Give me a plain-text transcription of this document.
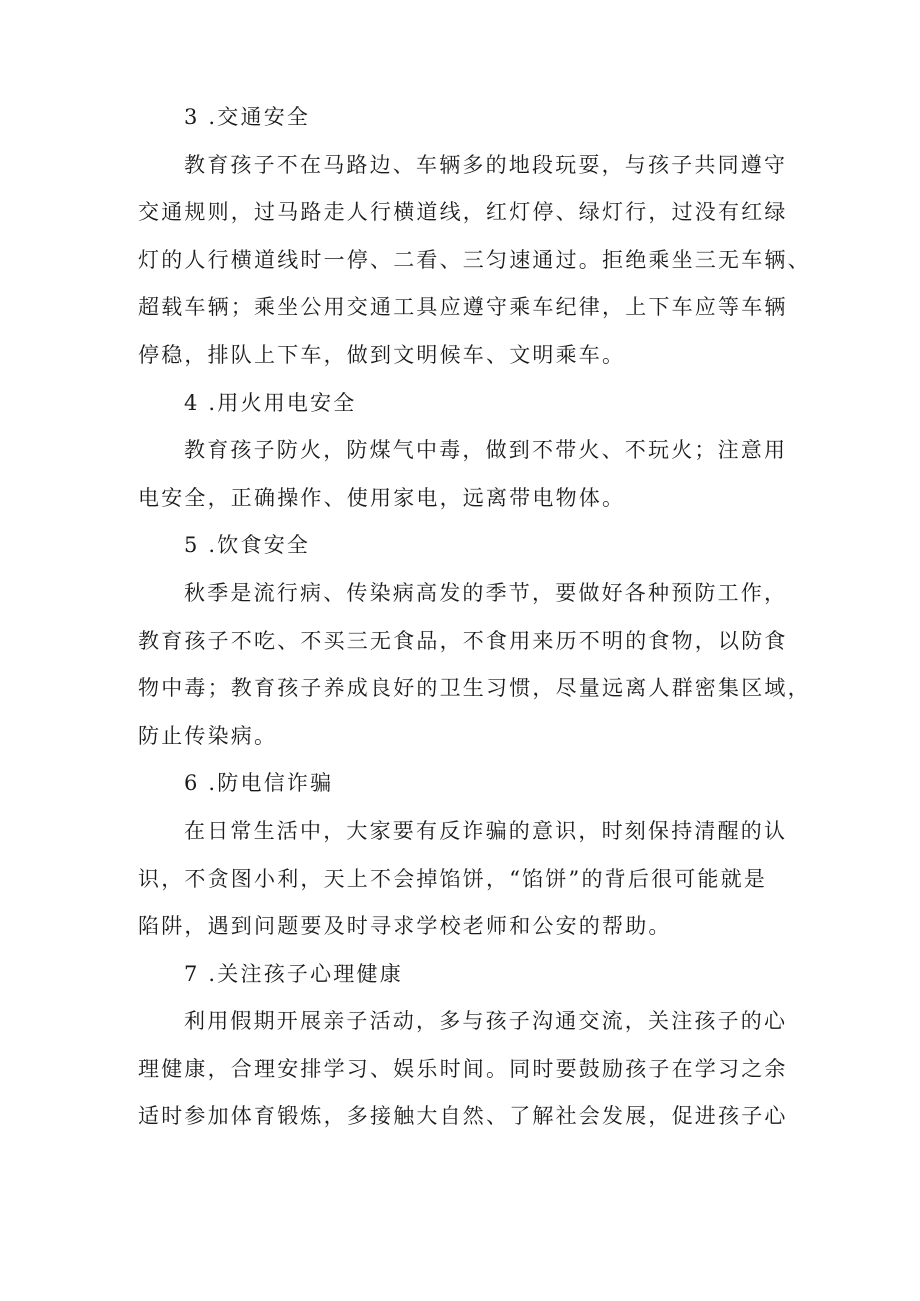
3 .交通安全

教育孩子不在马路边、车辆多的地段玩耍，与孩子共同遵守
交通规则，过马路走人行横道线，红灯停、绿灯行，过没有红绿
灯的人行横道线时一停、二看、三匀速通过。拒绝乘坐三无车辆、
超载车辆；乘坐公用交通工具应遵守乘车纪律，上下车应等车辆
停稳，排队上下车，做到文明候车、文明乘车。

4 .用火用电安全

教育孩子防火，防煤气中毒，做到不带火、不玩火；注意用
电安全，正确操作、使用家电，远离带电物体。

5 .饮食安全

秋季是流行病、传染病高发的季节，要做好各种预防工作，
教育孩子不吃、不买三无食品，不食用来历不明的食物，以防食
物中毒；教育孩子养成良好的卫生习惯，尽量远离人群密集区域，
防止传染病。

6 .防电信诈骗

在日常生活中，大家要有反诈骗的意识，时刻保持清醒的认
识，不贪图小利，天上不会掉馅饼，“馅饼”的背后很可能就是
陷阱，遇到问题要及时寻求学校老师和公安的帮助。

7 .关注孩子心理健康

利用假期开展亲子活动，多与孩子沟通交流，关注孩子的心
理健康，合理安排学习、娱乐时间。同时要鼓励孩子在学习之余
适时参加体育锻炼，多接触大自然、了解社会发展，促进孩子心
